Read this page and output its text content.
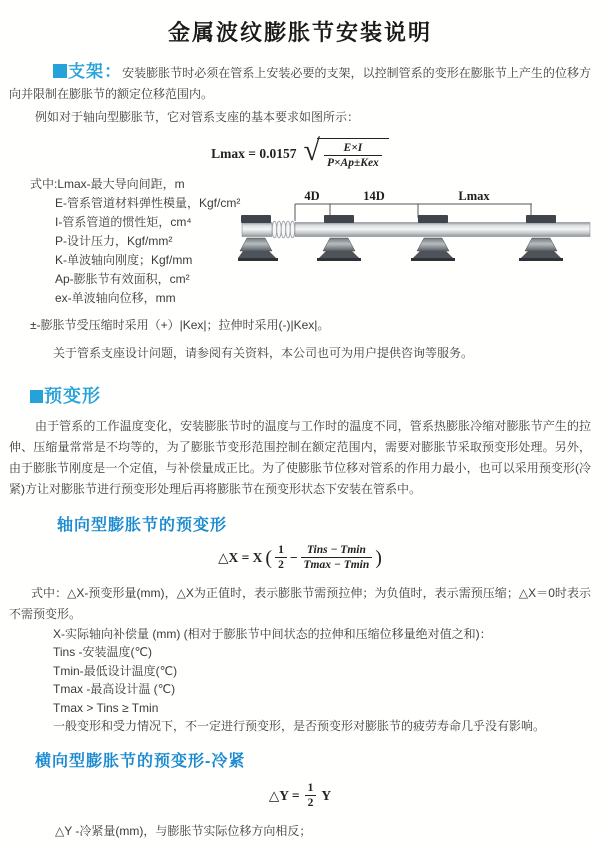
金属波纹膨胀节安装说明

支架：安装膨胀节时必须在管系上安装必要的支架，以控制管系的变形在膨胀节上产生的位移方向并限制在膨胀节的额定位移范围内。

例如对于轴向型膨胀节，它对管系支座的基本要求如图所示：

Lmax = 0.0157 √ $\frac{E\times I}{\text{P×Ap±Kex}}$

式中:Lmax-最大导向间距，m

E-管系管道材料弹性模量，Kgf/cm²

I-管系管道的惯性矩，cm⁴

P-设计压力，Kgf/mm²

K-单波轴向刚度；Kgf/mm

Ap-膨胀节有效面积，cm²

ex-单波轴向位移，mm

4D	14D	Lmax

±-膨胀节受压缩时采用（+）|Kex|；拉伸时采用(-)|Kex|。

关于管系支座设计问题，请参阅有关资料，本公司也可为用户提供咨询等服务。

预变形

由于管系的工作温度变化，安装膨胀节时的温度与工作时的温度不同，管系热膨胀冷缩对膨胀节产生的拉伸、压缩量常常是不均等的，为了膨胀节变形范围控制在额定范围内，需要对膨胀节采取预变形处理。另外，由于膨胀节刚度是一个定值，与补偿量成正比。为了使膨胀节位移对管系的作用力最小，也可以采用预变形(冷紧)方让对膨胀节进行预变形处理后再将膨胀节在预变形状态下安装在管系中。

轴向型膨胀节的预变形
△X = X ( $\frac{1}{2} - \frac{\text{Tins − Tmin}}{Tmax - Tmin}$ )

式中：△X-预变形量(mm)，△X为正值时，表示膨胀节需预拉伸；为负值时，表示需预压缩；△X＝0时表示不需预变形。

X-实际轴向补偿量 (mm) (相对于膨胀节中间状态的拉伸和压缩位移量绝对值之和)：

Tins -安装温度(℃)

Tmin-最低设计温度(℃)

Tmax -最高设计温 (℃)

Tmax > Tins ≥ Tmin

一般变形和受力情况下，不一定进行预变形，是否预变形对膨胀节的疲劳寿命几乎没有影响。

横向型膨胀节的预变形-冷紧
△Y = $\frac{1}{2}$ Y

△Y -冷紧量(mm)，与膨胀节实际位移方向相反；
